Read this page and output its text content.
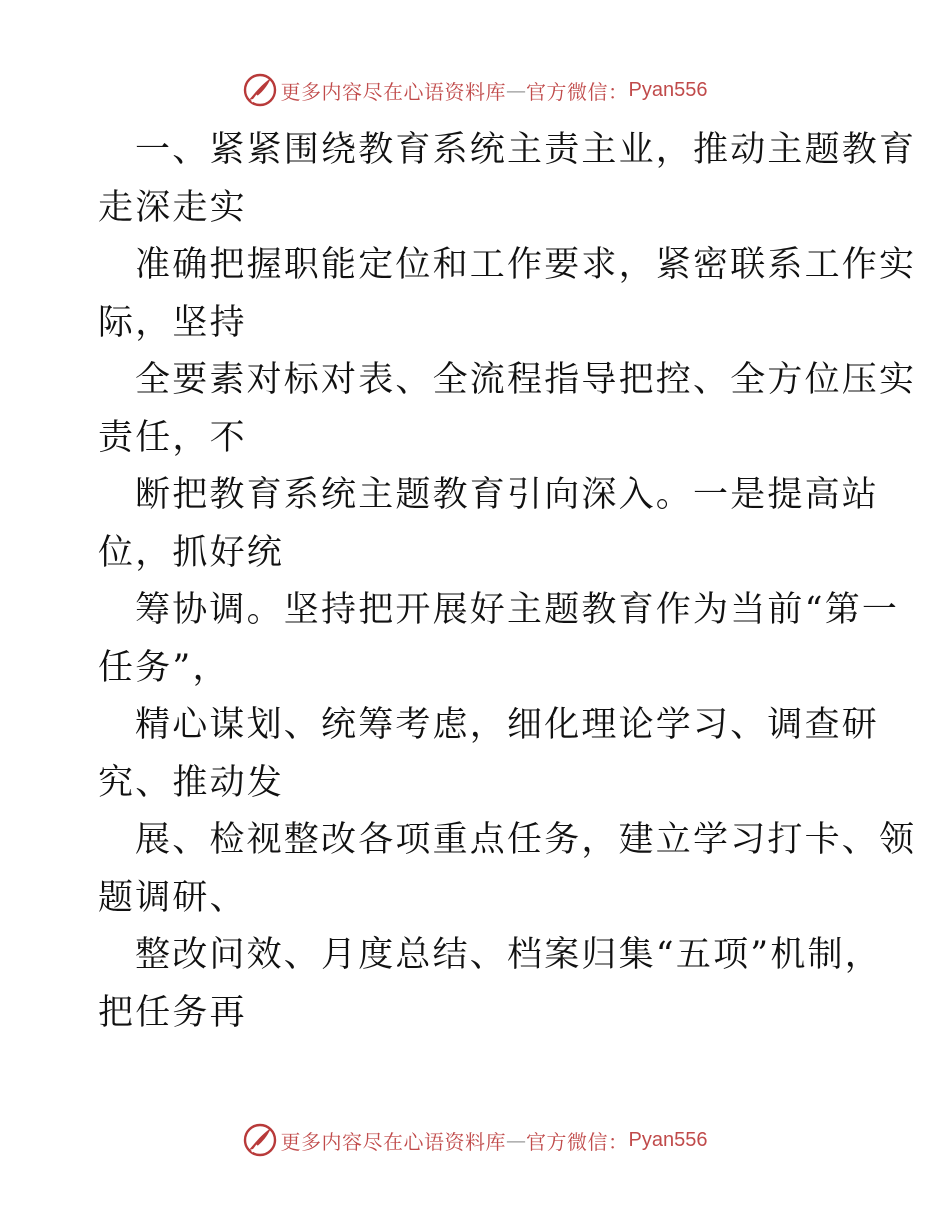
更多内容尽在心语资料库 — 官方微信： Pyan556
一、紧紧围绕教育系统主责主业，推动主题教育
走深走实
准确把握职能定位和工作要求，紧密联系工作实
际，坚持
全要素对标对表、全流程指导把控、全方位压实
责任，不
断把教育系统主题教育引向深入。一是提高站
位，抓好统
筹协调。坚持把开展好主题教育作为当前“第一
任务”，
精心谋划、统筹考虑，细化理论学习、调查研
究、推动发
展、检视整改各项重点任务，建立学习打卡、领
题调研、
整改问效、月度总结、档案归集“五项”机制，
把任务再
更多内容尽在心语资料库 — 官方微信： Pyan556
